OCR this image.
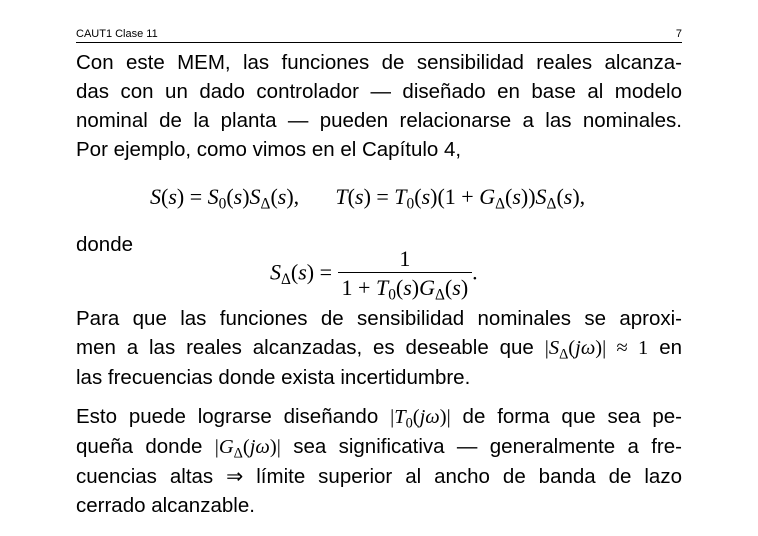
CAUT1 Clase 11	7
Con este MEM, las funciones de sensibilidad reales alcanza-
das con un dado controlador — diseñado en base al modelo
nominal de la planta — pueden relacionarse a las nominales.
Por ejemplo, como vimos en el Capítulo 4,
$S(s) = S_0(s)S_\Delta(s)$, $T(s) = T_0(s)(1 + G_\Delta(s))S_\Delta(s)$,
donde
$S_\Delta(s) = \frac{1}{1 + T_0(s)G_\Delta(s)}$ .
Para que las funciones de sensibilidad nominales se aproxi-
men a las reales alcanzadas, es deseable que $|S_\Delta(j\omega)| \approx 1$ en
las frecuencias donde exista incertidumbre.
Esto puede lograrse diseñando $|T_0(j\omega)|$ de forma que sea pe-
queña donde $|G_\Delta(j\omega)|$ sea significativa — generalmente a fre-
cuencias altas ⇒ límite superior al ancho de banda de lazo
cerrado alcanzable.
